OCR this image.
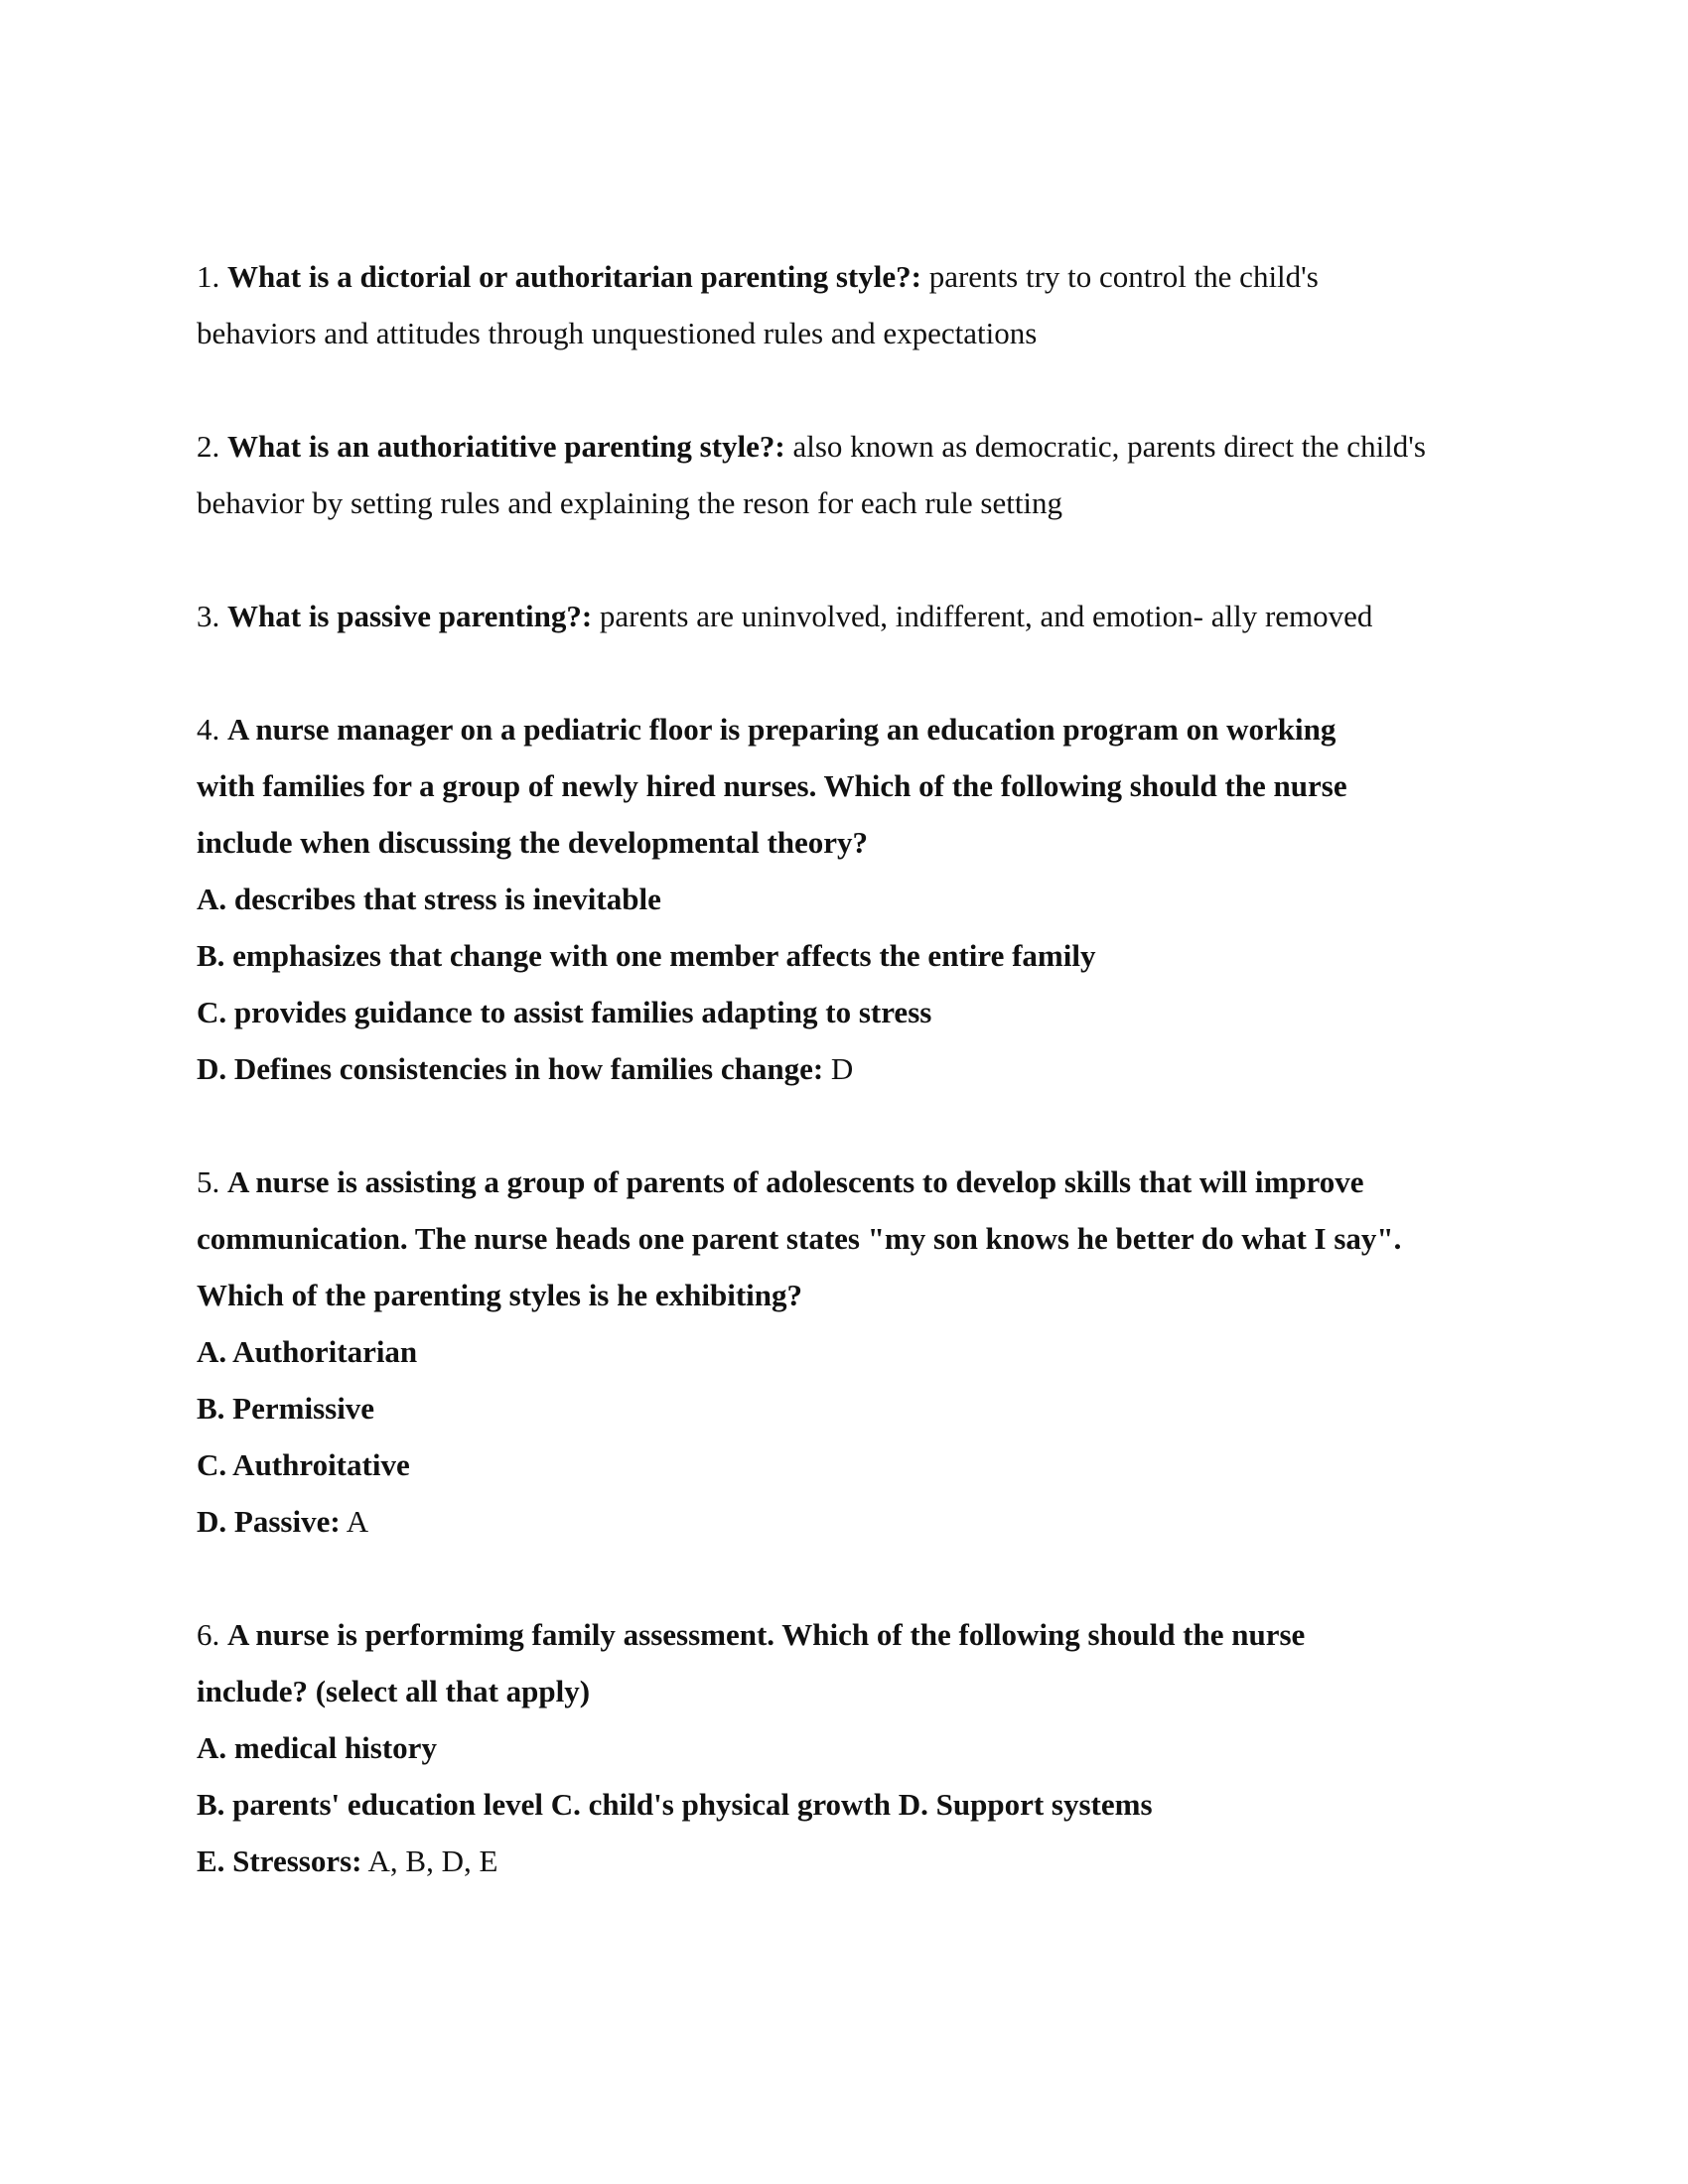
1. What is a dictorial or authoritarian parenting style?: parents try to control the child's
behaviors and attitudes through unquestioned rules and expectations
2. What is an authoriatitive parenting style?: also known as democratic, parents direct the child's
behavior by setting rules and explaining the reson for each rule setting
3. What is passive parenting?: parents are uninvolved, indifferent, and emotion- ally removed
4. A nurse manager on a pediatric floor is preparing an education program on working
with families for a group of newly hired nurses. Which of the following should the nurse
include when discussing the developmental theory?
A. describes that stress is inevitable
B. emphasizes that change with one member affects the entire family
C. provides guidance to assist families adapting to stress
D. Defines consistencies in how families change: D
5. A nurse is assisting a group of parents of adolescents to develop skills that will improve
communication. The nurse heads one parent states "my son knows he better do what I say".
Which of the parenting styles is he exhibiting?
A. Authoritarian
B. Permissive
C. Authroitative
D. Passive: A
6. A nurse is performimg family assessment. Which of the following should the nurse
include? (select all that apply)
A. medical history
B. parents' education level C. child's physical growth D. Support systems
E. Stressors: A, B, D, E
